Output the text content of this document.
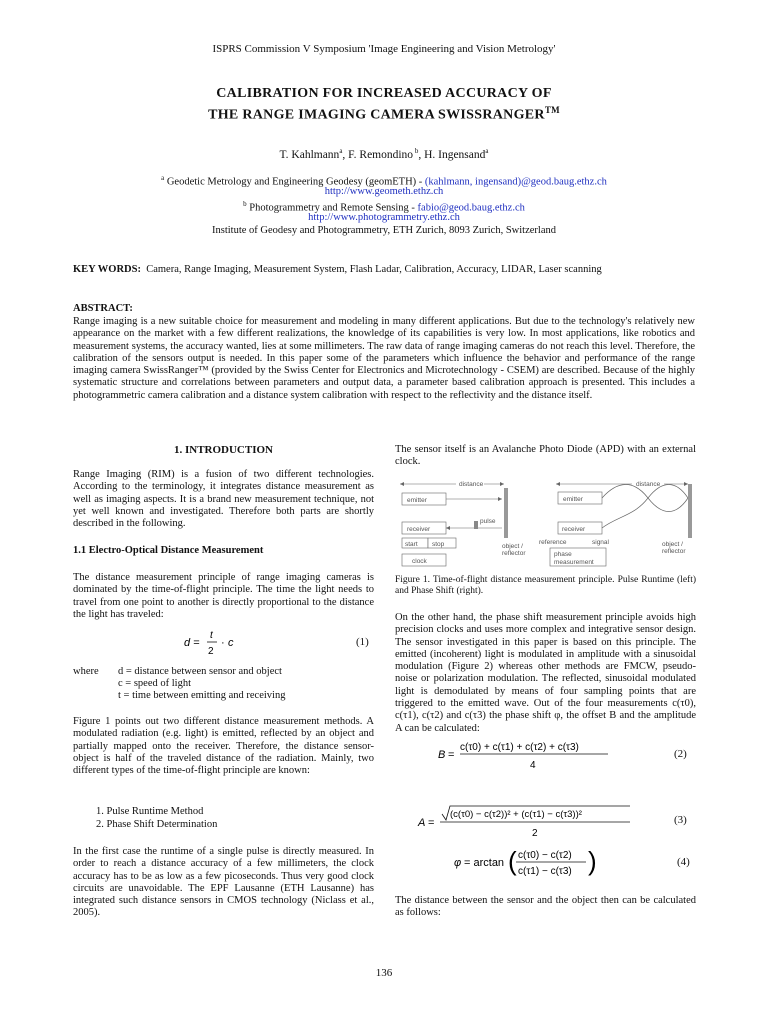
ISPRS Commission V Symposium 'Image Engineering and Vision Metrology'
CALIBRATION FOR INCREASED ACCURACY OF
THE RANGE IMAGING CAMERA SWISSRANGER™
T. Kahlmann$^a$, F. Remondino $^b$, H. Ingensand$^a$
$^a$ Geodetic Metrology and Engineering Geodesy (geomETH) - (kahlmann, ingensand)@geod.baug.ethz.ch
http://www.geometh.ethz.ch
$^b$ Photogrammetry and Remote Sensing - fabio@geod.baug.ethz.ch
http://www.photogrammetry.ethz.ch
Institute of Geodesy and Photogrammetry, ETH Zurich, 8093 Zurich, Switzerland
KEY WORDS: Camera, Range Imaging, Measurement System, Flash Ladar, Calibration, Accuracy, LIDAR, Laser scanning
ABSTRACT:
Range imaging is a new suitable choice for measurement and modeling in many different applications. But due to the technology's relatively new appearance on the market with a few different realizations, the knowledge of its capabilities is very low. In most applications, like robotics and measurement systems, the accuracy wanted, lies at some millimeters. The raw data of range imaging cameras do not reach this level. Therefore, the calibration of the sensors output is needed. In this paper some of the parameters which influence the behavior and performance of the range imaging camera SwissRanger™ (provided by the Swiss Center for Electronics and Microtechnology - CSEM) are described. Because of the highly systematic structure and correlations between parameters and output data, a parameter based calibration approach is presented. This includes a photogrammetric camera calibration and a distance system calibration with respect to the reflectivity and the distance itself.
1. INTRODUCTION
Range Imaging (RIM) is a fusion of two different technologies. According to the terminology, it integrates distance measurement as well as imaging aspects. It is a brand new measurement technique, not yet well known and investigated. Therefore both parts are shortly described in the following.
1.1 Electro-Optical Distance Measurement
The distance measurement principle of range imaging cameras is dominated by the time-of-flight principle. The time the light needs to travel from one point to another is directly proportional to the distance the light has traveled:
d =
t
2
· c	(1)
where d = distance between sensor and object
c = speed of light
t = time between emitting and receiving
Figure 1 points out two different distance measurement methods. A modulated radiation (e.g. light) is emitted, reflected by an object and partially mapped onto the receiver. Therefore, the distance sensor-object is half of the traveled distance of the radiation. Mainly, two different types of the time-of-flight principle are known:
1. Pulse Runtime Method
2. Phase Shift Determination
In the first case the runtime of a single pulse is directly measured. In order to reach a distance accuracy of a few millimeters, the clock accuracy has to be as low as a few picoseconds. Thus very good clock circuits are unavoidable. The EPF Lausanne (ETH Lausanne) has integrated such distance sensors in CMOS technology (Niclass et al., 2005).
The sensor itself is an Avalanche Photo Diode (APD) with an external clock.
distance
emitter
receiver
pulse
start stop
clock
object /
reflector
distance
emitter
receiver
reference	signal
phase
measurement
object /
reflector
Figure 1. Time-of-flight distance measurement principle. Pulse Runtime (left) and Phase Shift (right).
On the other hand, the phase shift measurement principle avoids high precision clocks and uses more complex and integrative sensor design. The sensor investigated in this paper is based on this principle. The emitted (incoherent) light is modulated in amplitude with a sinusoidal modulation (Figure 2) whereas other methods are FMCW, pseudo-noise or polarization modulation. The reflected, sinusoidal modulated light is demodulated by means of four sampling points that are triggered to the emitted wave. Out of the four measurements c(τ0), c(τ1), c(τ2) and c(τ3) the phase shift φ, the offset B and the amplitude A can be calculated:
B =
c(τ0) + c(τ1) + c(τ2) + c(τ3)
4
(2)
A =
(c(τ0) − c(τ2))² + (c(τ1) − c(τ3))²
2
(3)
φ = arctan ( c(τ0) − c(τ2)
c(τ1) − c(τ3) )	(4)
The distance between the sensor and the object then can be calculated as follows:
136
